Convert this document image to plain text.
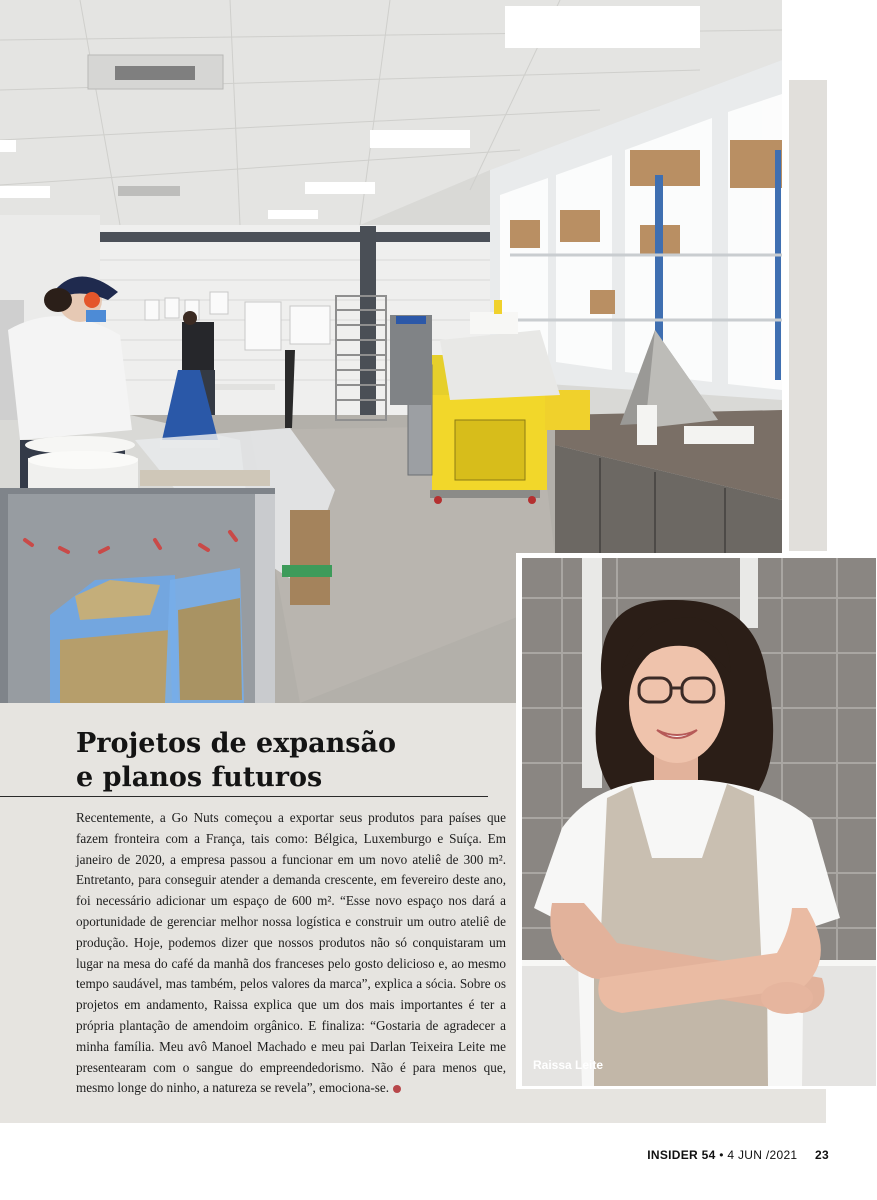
Projetos de expansão
e planos futuros

Recentemente, a Go Nuts começou a exportar seus produtos para países que fazem fronteira com a França, tais como: Bélgica, Luxemburgo e Suíça. Em janeiro de 2020, a empresa passou a funcionar em um novo ateliê de 300 m². Entretanto, para conseguir atender a demanda crescente, em fevereiro deste ano, foi necessário adicionar um espaço de 600 m². “Esse novo espaço nos dará a oportunidade de gerenciar melhor nossa logística e construir um outro ateliê de produção. Hoje, podemos dizer que nossos produtos não só conquistaram um lugar na mesa do café da manhã dos franceses pelo gosto delicioso e, ao mesmo tempo saudável, mas também, pelos valores da marca”, explica a sócia. Sobre os projetos em andamento, Raissa explica que um dos mais importantes é ter a própria plantação de amendoim orgânico. E finaliza: “Gostaria de agradecer a minha família. Meu avô Manoel Machado e meu pai Darlan Teixeira Leite me presentearam com o sangue do empreendedorismo. Não é para menos que, mesmo longe do ninho, a natureza se revela”, emociona-se.

Raissa Leite
INSIDER 54 • 4 JUN /2021 23
